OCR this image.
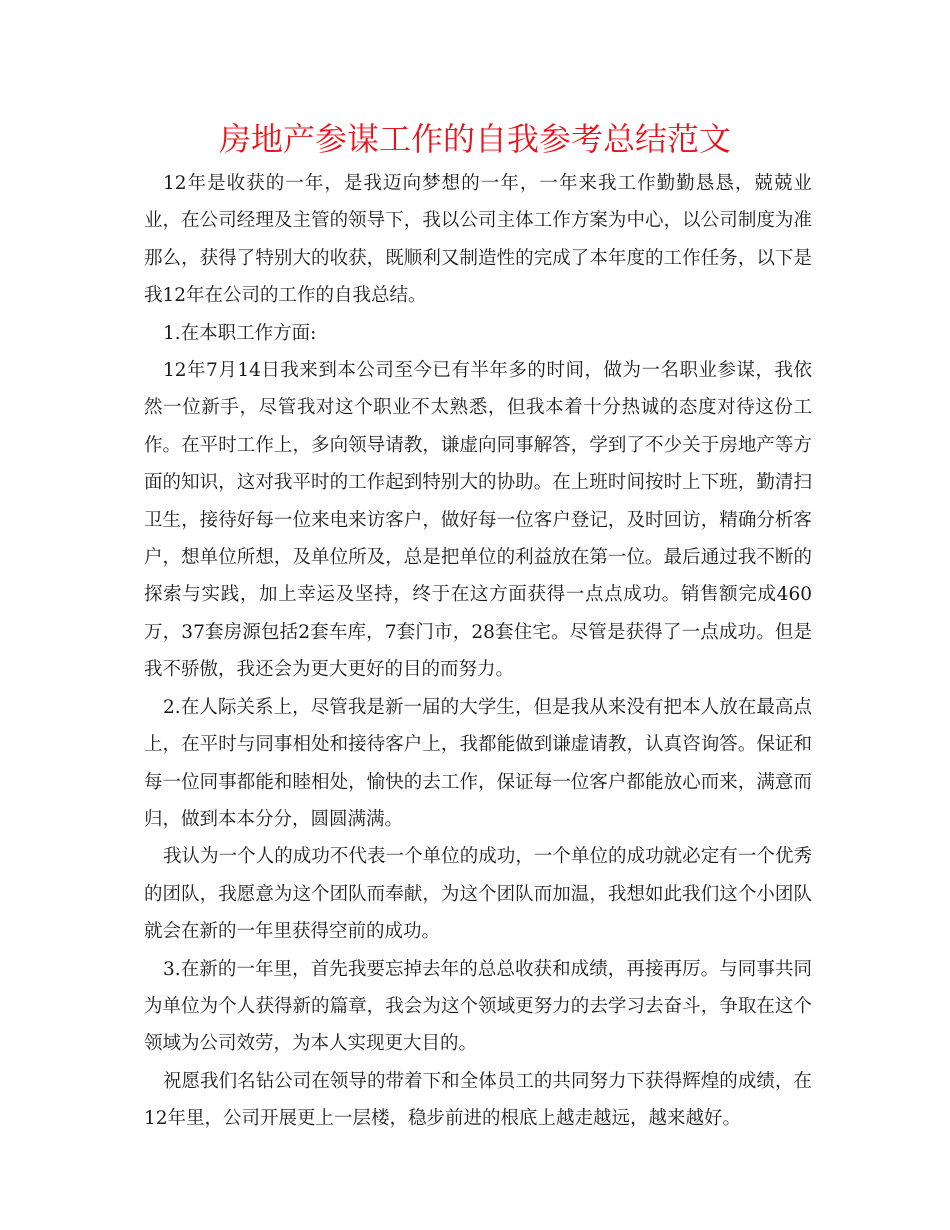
房地产参谋工作的自我参考总结范文

12年是收获的一年，是我迈向梦想的一年，一年来我工作勤勤恳恳，兢兢业业，在公司经理及主管的领导下，我以公司主体工作方案为中心，以公司制度为准那么，获得了特别大的收获，既顺利又制造性的完成了本年度的工作任务，以下是我12年在公司的工作的自我总结。

1.在本职工作方面:

12年7月14日我来到本公司至今已有半年多的时间，做为一名职业参谋，我依然一位新手，尽管我对这个职业不太熟悉，但我本着十分热诚的态度对待这份工作。在平时工作上，多向领导请教，谦虚向同事解答，学到了不少关于房地产等方面的知识，这对我平时的工作起到特别大的协助。在上班时间按时上下班，勤清扫卫生，接待好每一位来电来访客户，做好每一位客户登记，及时回访，精确分析客户，想单位所想，及单位所及，总是把单位的利益放在第一位。最后通过我不断的探索与实践，加上幸运及坚持，终于在这方面获得一点点成功。销售额完成460万，37套房源包括2套车库，7套门市，28套住宅。尽管是获得了一点成功。但是我不骄傲，我还会为更大更好的目的而努力。

2.在人际关系上，尽管我是新一届的大学生，但是我从来没有把本人放在最高点上，在平时与同事相处和接待客户上，我都能做到谦虚请教，认真咨询答。保证和每一位同事都能和睦相处，愉快的去工作，保证每一位客户都能放心而来，满意而归，做到本本分分，圆圆满满。

我认为一个人的成功不代表一个单位的成功，一个单位的成功就必定有一个优秀的团队，我愿意为这个团队而奉献，为这个团队而加温，我想如此我们这个小团队就会在新的一年里获得空前的成功。

3.在新的一年里，首先我要忘掉去年的总总收获和成绩，再接再厉。与同事共同为单位为个人获得新的篇章，我会为这个领域更努力的去学习去奋斗，争取在这个领域为公司效劳，为本人实现更大目的。

祝愿我们名钻公司在领导的带着下和全体员工的共同努力下获得辉煌的成绩，在12年里，公司开展更上一层楼，稳步前进的根底上越走越远，越来越好。
